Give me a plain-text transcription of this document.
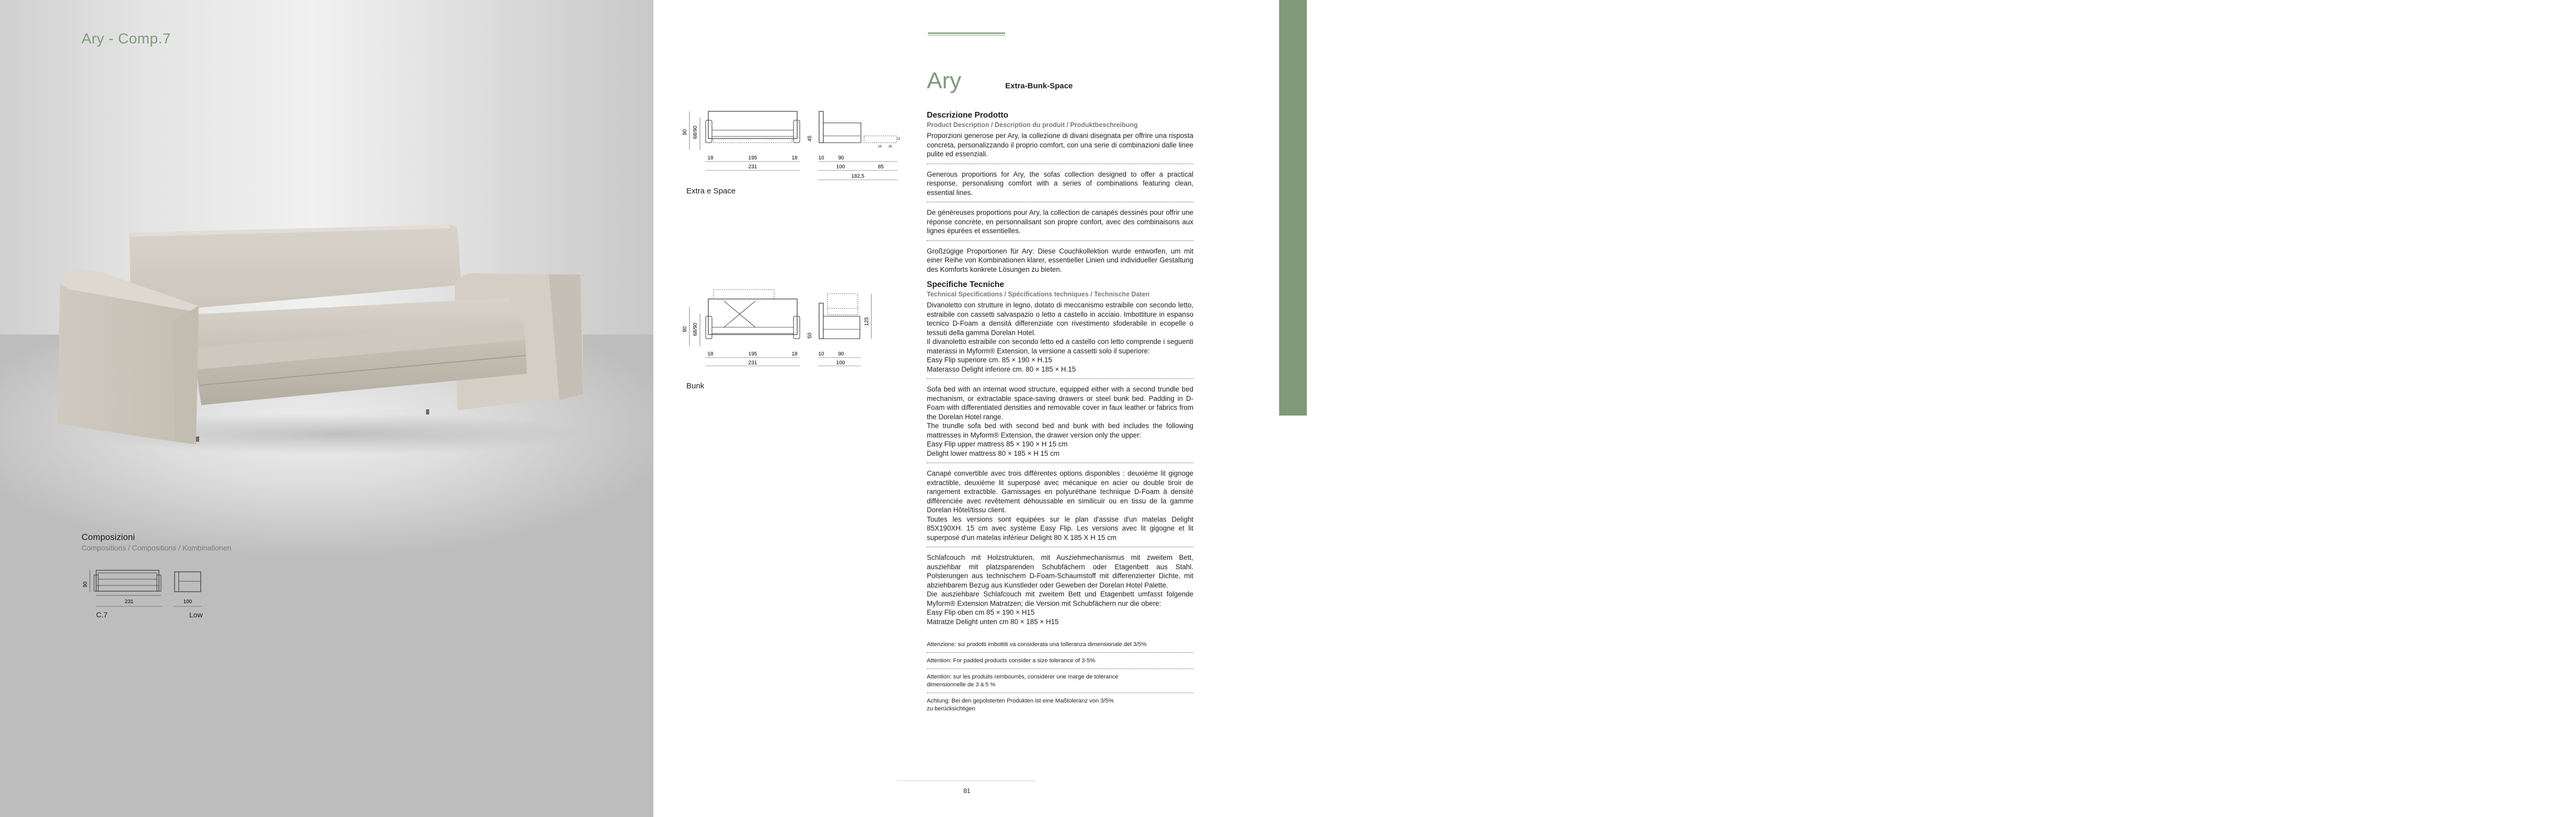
Ary - Comp.7
Composizioni
Compositions / Compositions / Kombinationen
90
231	100
C.7	Low
90 68/90
18	195	18
231
45
24 25
12
10	90
100	85
182,5
Extra e Space
90 68/90
18	195	18
231
50
125
10	90
100
Bunk
Ary	Extra-Bunk-Space
Sofabed Extra-Bunk-Space
Descrizione Prodotto
Product Description / Description du produit / Produktbeschreibung

Proporzioni generose per Ary, la collezione di divani disegnata per offrire una risposta concreta, personalizzando il proprio comfort, con una serie di combinazioni dalle linee pulite ed essenziali.

Generous proportions for Ary, the sofas collection designed to offer a practical response, personalising comfort with a series of combinations featuring clean, essential lines.

De généreuses proportions pour Ary, la collection de canapés dessinés pour offrir une réponse concrète, en personnalisant son propre confort, avec des combinaisons aux lignes épurées et essentielles.

Großzügige Proportionen für Ary: Diese Couchkollektion wurde entworfen, um mit einer Reihe von Kombinationen klarer, essentieller Linien und individueller Gestaltung des Komforts konkrete Lösungen zu bieten.

Specifiche Tecniche
Technical Specifications / Spécifications techniques / Technische Daten

Divanoletto con strutture in legno, dotato di meccanismo estraibile con secondo letto, estraibile con cassetti salvaspazio o letto a castello in acciaio. Imbottiture in espanso tecnico D-Foam a densità differenziate con rivestimento sfoderabile in ecopelle o tessuti della gamma Dorelan Hotel.
Il divanoletto estraibile con secondo letto ed a castello con letto comprende i seguenti materassi in Myform® Extension, la versione a cassetti solo il superiore:
Easy Flip superiore cm. 85 × 190 × H.15
Materasso Delight inferiore cm. 80 × 185 × H.15

Sofa bed with an internat wood structure, equipped either with a second trundle bed mechanism, or extractable space-saving drawers or steel bunk bed. Padding in D-Foam with differentiated densities and removable cover in faux leather or fabrics from the Dorelan Hotel range.
The trundle sofa bed with second bed and bunk with bed includes the following mattresses in Myform® Extension, the drawer version only the upper:
Easy Flip upper mattress 85 × 190 × H 15 cm
Delight lower mattress 80 × 185 × H 15 cm

Canapé convertible avec trois différentes options disponibles : deuxième lit gignoge extractible, deuxième lit superposé avec mécanique en acier ou double tiroir de rangement extractible. Garnissages en polyuréthane technique D-Foam à densité différenciée avec revêtement déhoussable en similicuir ou en tissu de la gamme Dorelan Hôtel/tissu client.
Toutes les versions sont equipées sur le plan d'assise d'un matelas Delight 85X190XH. 15 cm avec système Easy Flip. Les versions avec lit gigogne et lit superposé d'un matelas inférieur Delight 80 X 185 X H 15 cm

Schlafcouch mit Holzstrukturen, mit Ausziehmechanismus mit zweitem Bett, ausziehbar mit platzsparenden Schubfächern oder Etagenbett aus Stahl. Polsterungen aus technischem D-Foam-Schaumstoff mit differenzierter Dichte, mit abziehbarem Bezug aus Kunstleder oder Geweben der Dorelan Hotel Palette.
Die ausziehbare Schlafcouch mit zweitem Bett und Etagenbett umfasst folgende Myform® Extension Matratzen; die Version mit Schubfächern nur die obere:
Easy Flip oben cm 85 × 190 × H15
Matratze Delight unten cm 80 × 185 × H15

Attenzione: sui prodotti imbottiti va considerata una tolleranza dimensionale del 3/5%

Attention: For padded products consider a size tolerance of 3-5%

Attention: sur les produits rembourrés, considérer une marge de tolérance
dimensionnelle de 3 à 5 %

Achtung: Bei den gepolsterten Produkten ist eine Maßtoleranz von 3/5%
zu berücksichtigen

81
